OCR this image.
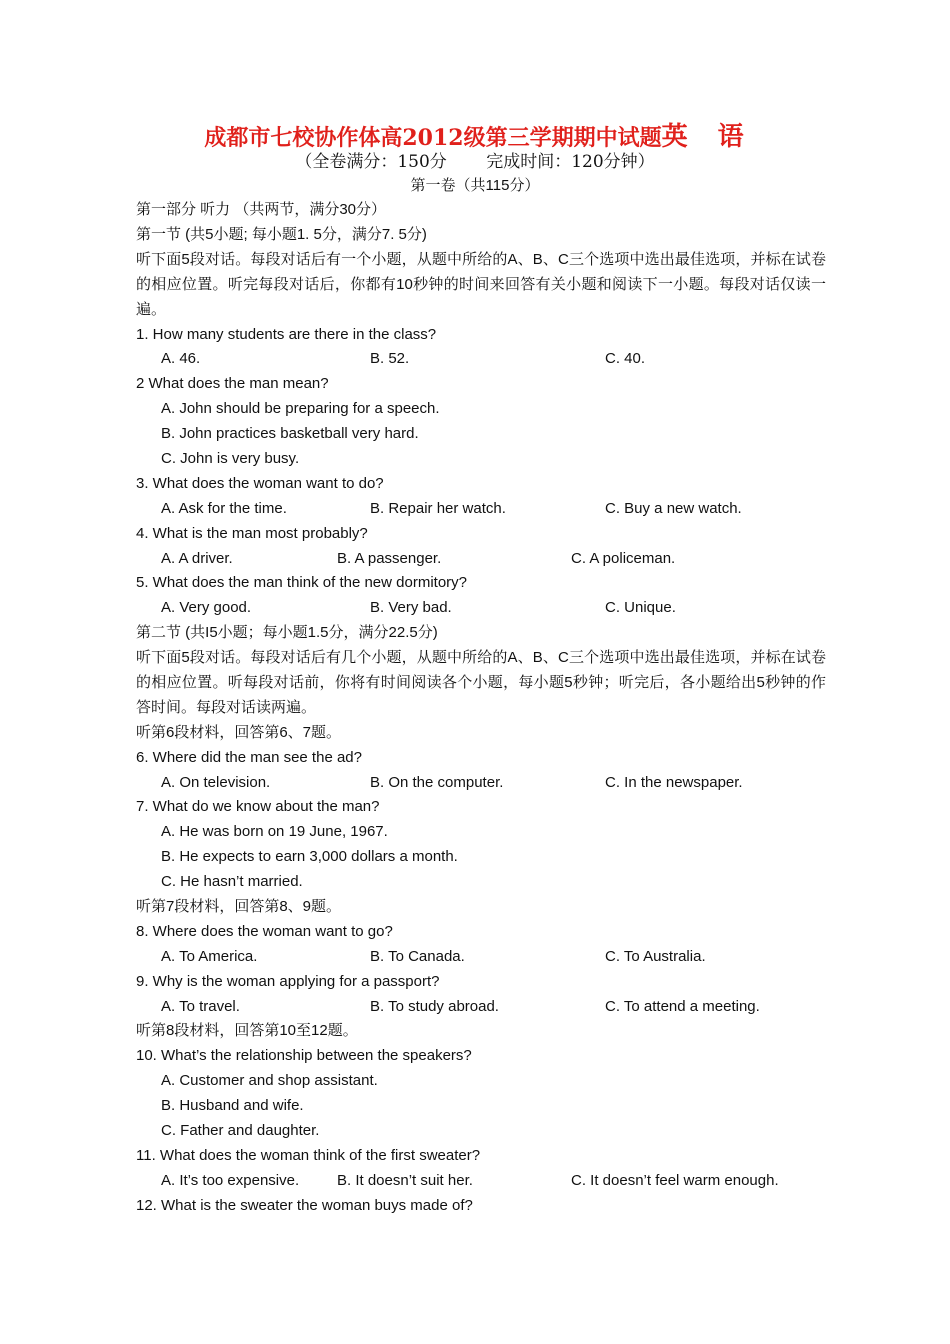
成都市七校协作体高2012级第三学期期中试题英　语
（全卷满分：150分　　 完成时间：120分钟）
第一卷（共115分）
第一部分 听力 （共两节，满分30分）
第一节 (共5小题; 每小题1. 5分，满分7. 5分)
听下面5段对话。每段对话后有一个小题，从题中所给的A、B、C三个选项中选出最佳选项，并标在试卷的相应位置。听完每段对话后，你都有10秒钟的时间来回答有关小题和阅读下一小题。每段对话仅读一遍。
1. How many students are there in the class?
A. 46.	B. 52.	C. 40.
2 What does the man mean?
A. John should be preparing for a speech.
B. John practices basketball very hard.
C. John is very busy.
3. What does the woman want to do?
A. Ask for the time.	B. Repair her watch.	C. Buy a new watch.
4. What is the man most probably?
A. A driver.	B. A passenger.	C. A policeman.
5. What does the man think of the new dormitory?
A. Very good.	B. Very bad.	C. Unique.
第二节 (共I5小题；每小题1.5分，满分22.5分)
听下面5段对话。每段对话后有几个小题，从题中所给的A、B、C三个选项中选出最佳选项，并标在试卷的相应位置。听每段对话前，你将有时间阅读各个小题，每小题5秒钟；听完后，各小题给出5秒钟的作答时间。每段对话读两遍。
听第6段材料，回答第6、7题。
6. Where did the man see the ad?
A. On television.	B. On the computer.	C. In the newspaper.
7. What do we know about the man?
A. He was born on 19 June, 1967.
B. He expects to earn 3,000 dollars a month.
C. He hasn’t married.
听第7段材料，回答第8、9题。
8. Where does the woman want to go?
A. To America.	B. To Canada.	C. To Australia.
9. Why is the woman applying for a passport?
A. To travel.	B. To study abroad.	C. To attend a meeting.
听第8段材料，回答第10至12题。
10. What’s the relationship between the speakers?
A. Customer and shop assistant.
B. Husband and wife.
C. Father and daughter.
11. What does the woman think of the first sweater?
A. It’s too expensive.	B. It doesn’t suit her.	C. It doesn’t feel warm enough.
12. What is the sweater the woman buys made of?
